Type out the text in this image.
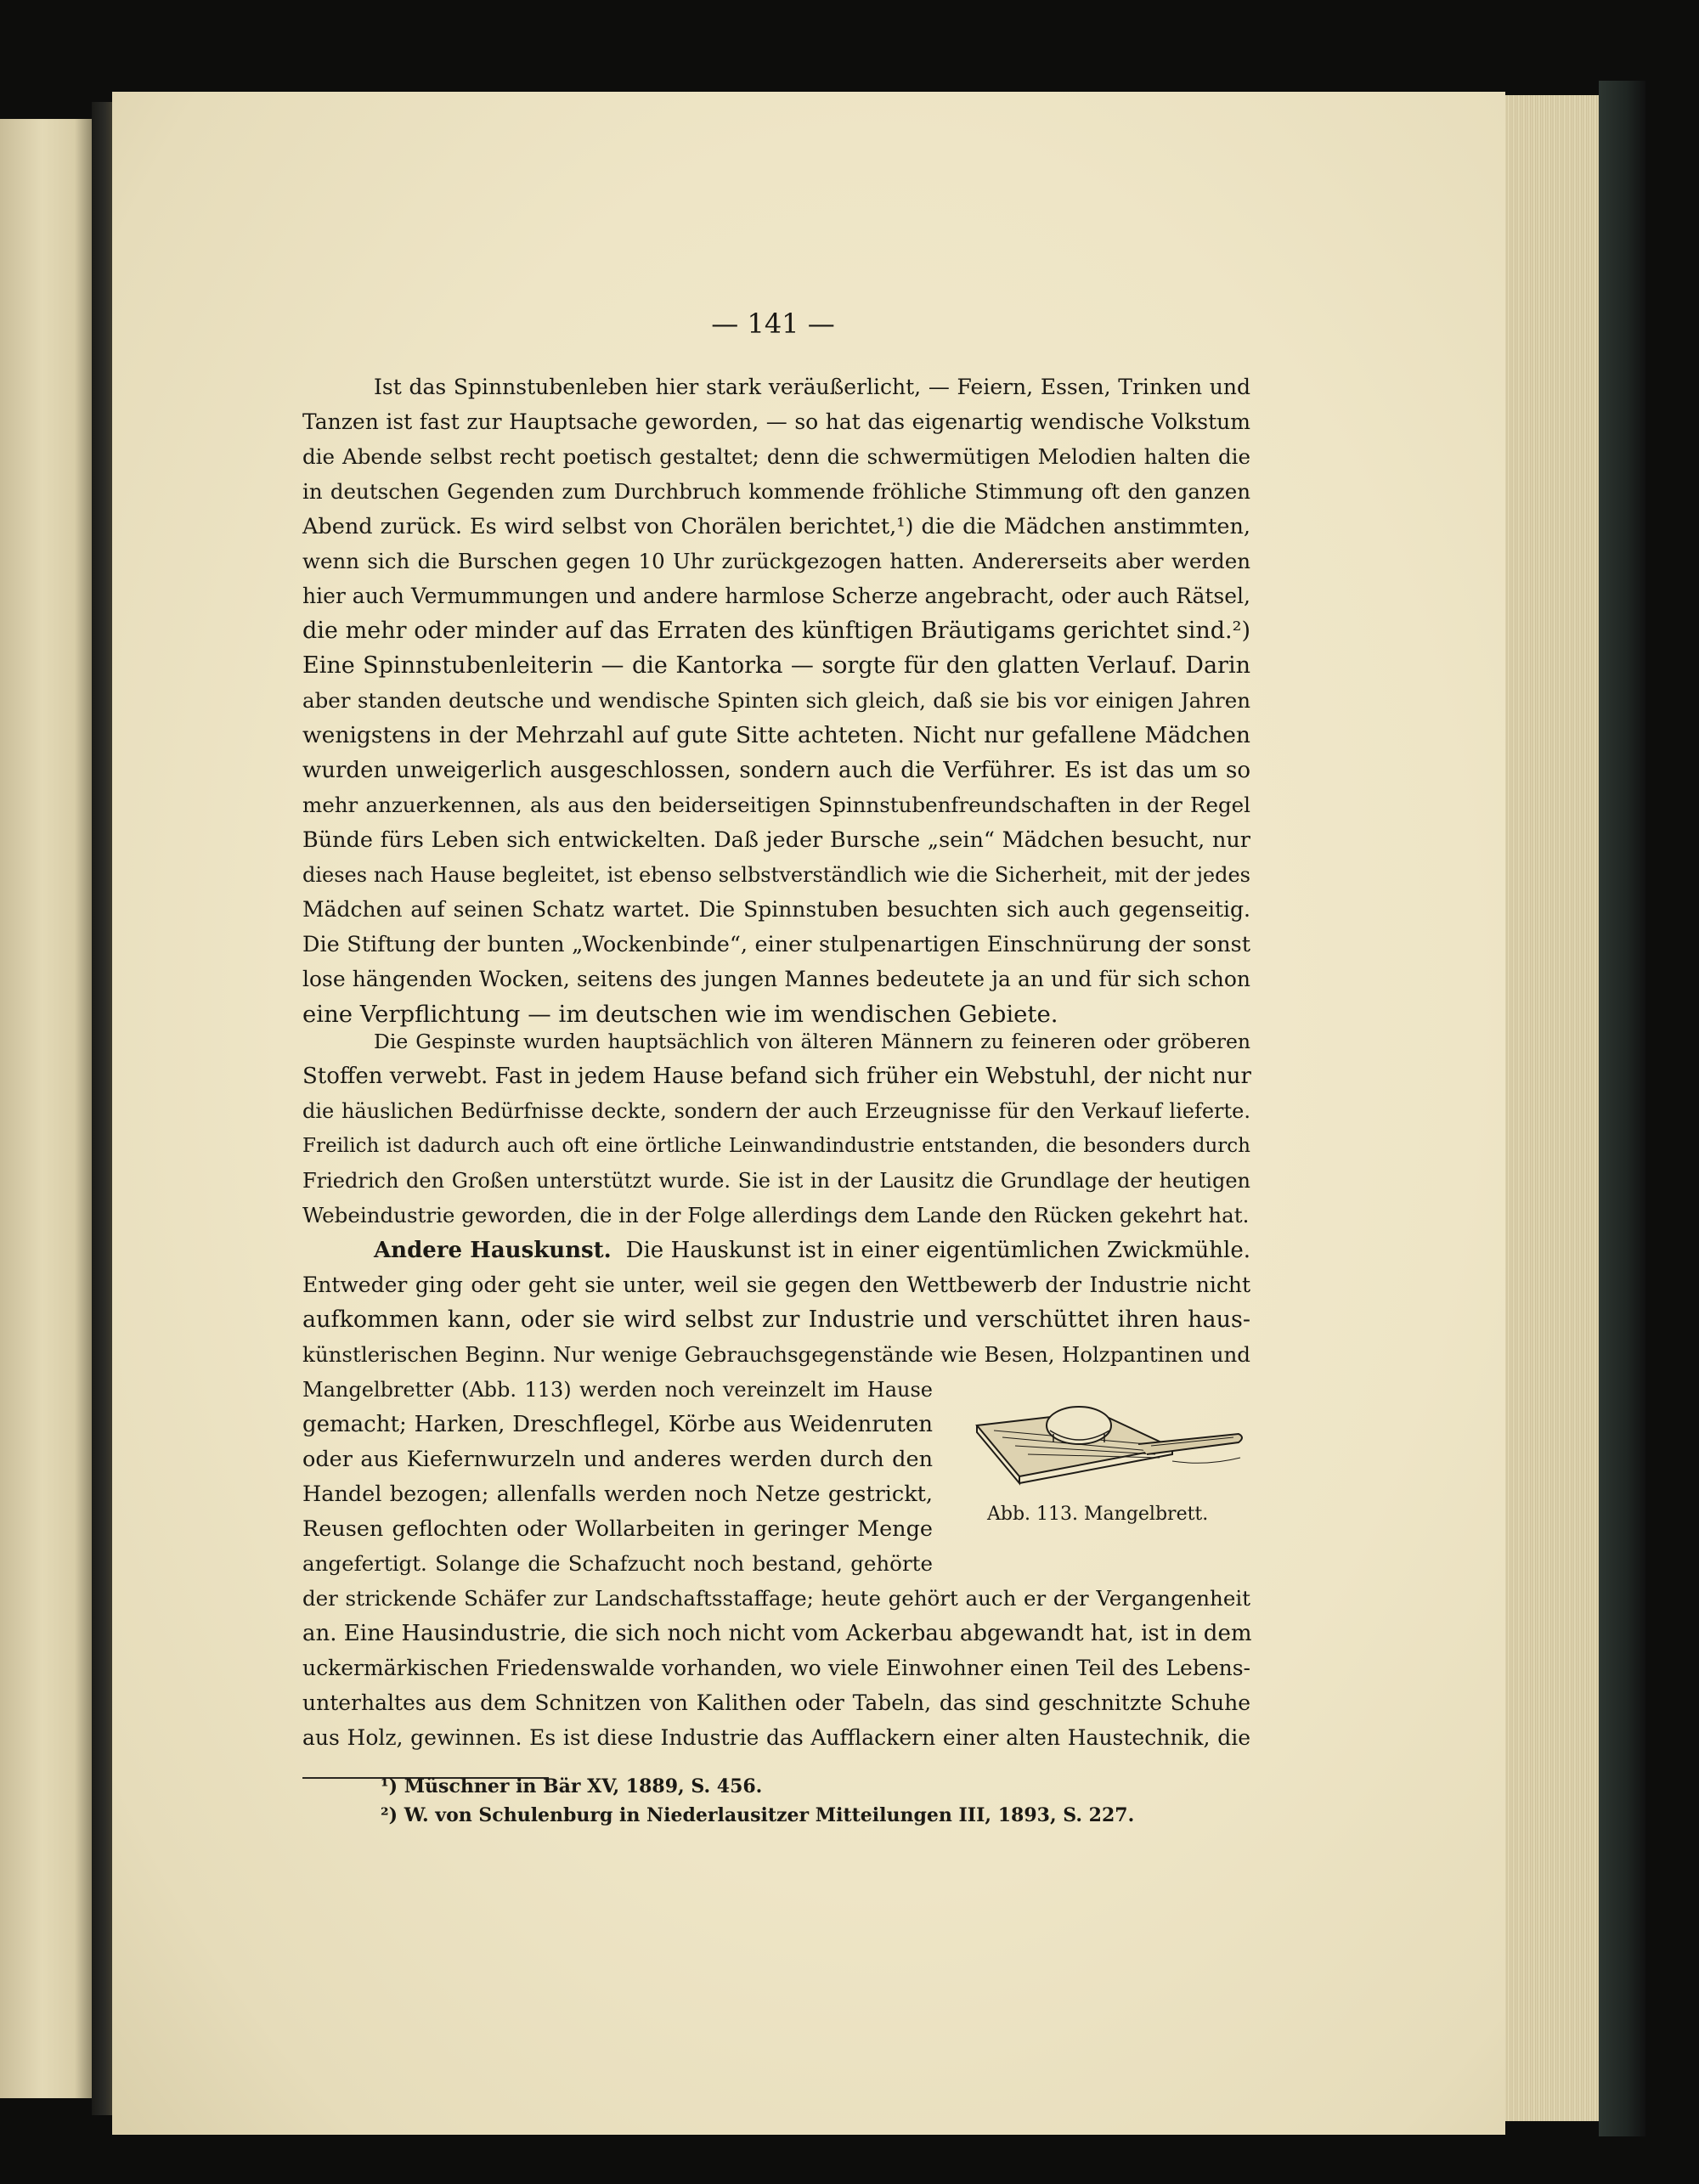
— 141 —
Ist das Spinnstubenleben hier stark veräußerlicht, — Feiern, Essen, Trinken und
Tanzen ist fast zur Hauptsache geworden, — so hat das eigenartig wendische Volkstum
die Abende selbst recht poetisch gestaltet; denn die schwermütigen Melodien halten die
in deutschen Gegenden zum Durchbruch kommende fröhliche Stimmung oft den ganzen
Abend zurück. Es wird selbst von Chorälen berichtet,¹) die die Mädchen anstimmten,
wenn sich die Burschen gegen 10 Uhr zurückgezogen hatten. Andererseits aber werden
hier auch Vermummungen und andere harmlose Scherze angebracht, oder auch Rätsel,
die mehr oder minder auf das Erraten des künftigen Bräutigams gerichtet sind.²)
Eine Spinnstubenleiterin — die Kantorka — sorgte für den glatten Verlauf. Darin
aber standen deutsche und wendische Spinten sich gleich, daß sie bis vor einigen Jahren
wenigstens in der Mehrzahl auf gute Sitte achteten. Nicht nur gefallene Mädchen
wurden unweigerlich ausgeschlossen, sondern auch die Verführer. Es ist das um so
mehr anzuerkennen, als aus den beiderseitigen Spinnstubenfreundschaften in der Regel
Bünde fürs Leben sich entwickelten. Daß jeder Bursche „sein“ Mädchen besucht, nur
dieses nach Hause begleitet, ist ebenso selbstverständlich wie die Sicherheit, mit der jedes
Mädchen auf seinen Schatz wartet. Die Spinnstuben besuchten sich auch gegenseitig.
Die Stiftung der bunten „Wockenbinde“, einer stulpenartigen Einschnürung der sonst
lose hängenden Wocken, seitens des jungen Mannes bedeutete ja an und für sich schon
eine Verpflichtung — im deutschen wie im wendischen Gebiete.
Die Gespinste wurden hauptsächlich von älteren Männern zu feineren oder gröberen
Stoffen verwebt. Fast in jedem Hause befand sich früher ein Webstuhl, der nicht nur
die häuslichen Bedürfnisse deckte, sondern der auch Erzeugnisse für den Verkauf lieferte.
Freilich ist dadurch auch oft eine örtliche Leinwandindustrie entstanden, die besonders durch
Friedrich den Großen unterstützt wurde. Sie ist in der Lausitz die Grundlage der heutigen
Webeindustrie geworden, die in der Folge allerdings dem Lande den Rücken gekehrt hat.
Andere Hauskunst. Die Hauskunst ist in einer eigentümlichen Zwickmühle.
Entweder ging oder geht sie unter, weil sie gegen den Wettbewerb der Industrie nicht
aufkommen kann, oder sie wird selbst zur Industrie und verschüttet ihren haus-
künstlerischen Beginn. Nur wenige Gebrauchsgegenstände wie Besen, Holzpantinen und
Mangelbretter (Abb. 113) werden noch vereinzelt im Hause
gemacht; Harken, Dreschflegel, Körbe aus Weidenruten
oder aus Kiefernwurzeln und anderes werden durch den
Handel bezogen; allenfalls werden noch Netze gestrickt,
Reusen geflochten oder Wollarbeiten in geringer Menge
angefertigt. Solange die Schafzucht noch bestand, gehörte
der strickende Schäfer zur Landschaftsstaffage; heute gehört auch er der Vergangenheit
an. Eine Hausindustrie, die sich noch nicht vom Ackerbau abgewandt hat, ist in dem
uckermärkischen Friedenswalde vorhanden, wo viele Einwohner einen Teil des Lebens-
unterhaltes aus dem Schnitzen von Kalithen oder Tabeln, das sind geschnitzte Schuhe
aus Holz, gewinnen. Es ist diese Industrie das Aufflackern einer alten Haustechnik, die
Abb. 113. Mangelbrett.
¹) Müschner in Bär XV, 1889, S. 456.
²) W. von Schulenburg in Niederlausitzer Mitteilungen III, 1893, S. 227.
